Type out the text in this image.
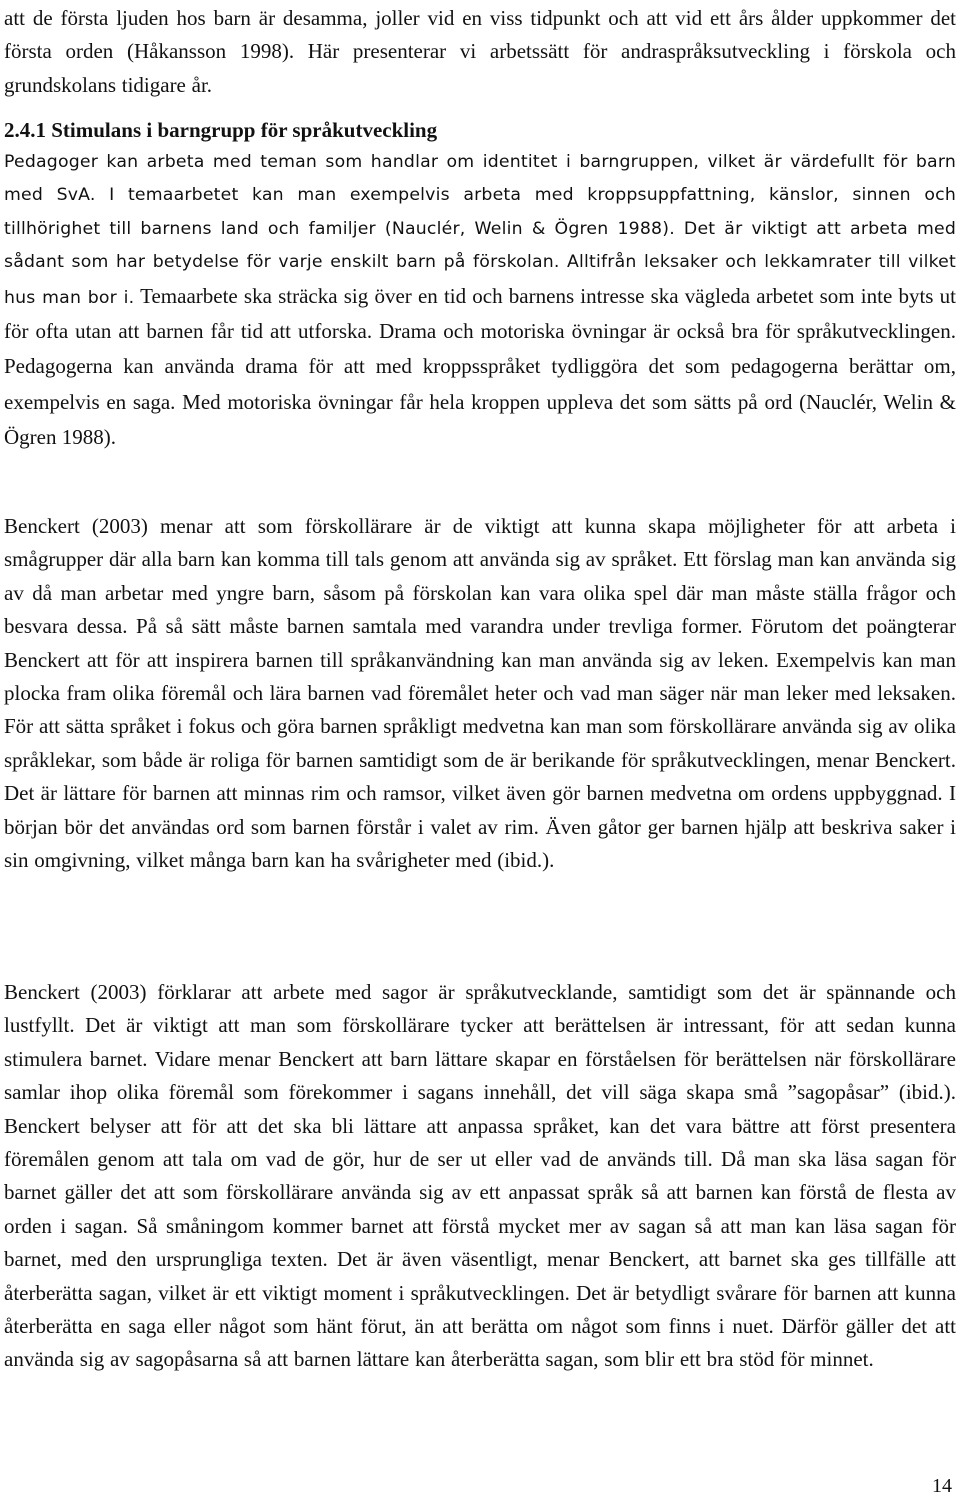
att de första ljuden hos barn är desamma, joller vid en viss tidpunkt och att vid ett års ålder uppkommer det första orden (Håkansson 1998). Här presenterar vi arbetssätt för andraspråksutveckling i förskola och grundskolans tidigare år.

2.4.1 Stimulans i barngrupp för språkutveckling

Pedagoger kan arbeta med teman som handlar om identitet i barngruppen, vilket är värdefullt för barn med SvA. I temaarbetet kan man exempelvis arbeta med kroppsuppfattning, känslor, sinnen och tillhörighet till barnens land och familjer (Nauclér, Welin & Ögren 1988). Det är viktigt att arbeta med sådant som har betydelse för varje enskilt barn på förskolan. Alltifrån leksaker och lekkamrater till vilket hus man bor i. Temaarbete ska sträcka sig över en tid och barnens intresse ska vägleda arbetet som inte byts ut för ofta utan att barnen får tid att utforska. Drama och motoriska övningar är också bra för språkutvecklingen. Pedagogerna kan använda drama för att med kroppsspråket tydliggöra det som pedagogerna berättar om, exempelvis en saga. Med motoriska övningar får hela kroppen uppleva det som sätts på ord (Nauclér, Welin & Ögren 1988).

Benckert (2003) menar att som förskollärare är de viktigt att kunna skapa möjligheter för att arbeta i smågrupper där alla barn kan komma till tals genom att använda sig av språket. Ett förslag man kan använda sig av då man arbetar med yngre barn, såsom på förskolan kan vara olika spel där man måste ställa frågor och besvara dessa. På så sätt måste barnen samtala med varandra under trevliga former. Förutom det poängterar Benckert att för att inspirera barnen till språkanvändning kan man använda sig av leken. Exempelvis kan man plocka fram olika föremål och lära barnen vad föremålet heter och vad man säger när man leker med leksaken. För att sätta språket i fokus och göra barnen språkligt medvetna kan man som förskollärare använda sig av olika språklekar, som både är roliga för barnen samtidigt som de är berikande för språkutvecklingen, menar Benckert. Det är lättare för barnen att minnas rim och ramsor, vilket även gör barnen medvetna om ordens uppbyggnad. I början bör det användas ord som barnen förstår i valet av rim. Även gåtor ger barnen hjälp att beskriva saker i sin omgivning, vilket många barn kan ha svårigheter med (ibid.).

Benckert (2003) förklarar att arbete med sagor är språkutvecklande, samtidigt som det är spännande och lustfyllt. Det är viktigt att man som förskollärare tycker att berättelsen är intressant, för att sedan kunna stimulera barnet. Vidare menar Benckert att barn lättare skapar en förståelsen för berättelsen när förskollärare samlar ihop olika föremål som förekommer i sagans innehåll, det vill säga skapa små ”sagopåsar” (ibid.). Benckert belyser att för att det ska bli lättare att anpassa språket, kan det vara bättre att först presentera föremålen genom att tala om vad de gör, hur de ser ut eller vad de används till. Då man ska läsa sagan för barnet gäller det att som förskollärare använda sig av ett anpassat språk så att barnen kan förstå de flesta av orden i sagan. Så småningom kommer barnet att förstå mycket mer av sagan så att man kan läsa sagan för barnet, med den ursprungliga texten. Det är även väsentligt, menar Benckert, att barnet ska ges tillfälle att återberätta sagan, vilket är ett viktigt moment i språkutvecklingen. Det är betydligt svårare för barnen att kunna återberätta en saga eller något som hänt förut, än att berätta om något som finns i nuet. Därför gäller det att använda sig av sagopåsarna så att barnen lättare kan återberätta sagan, som blir ett bra stöd för minnet.

14
